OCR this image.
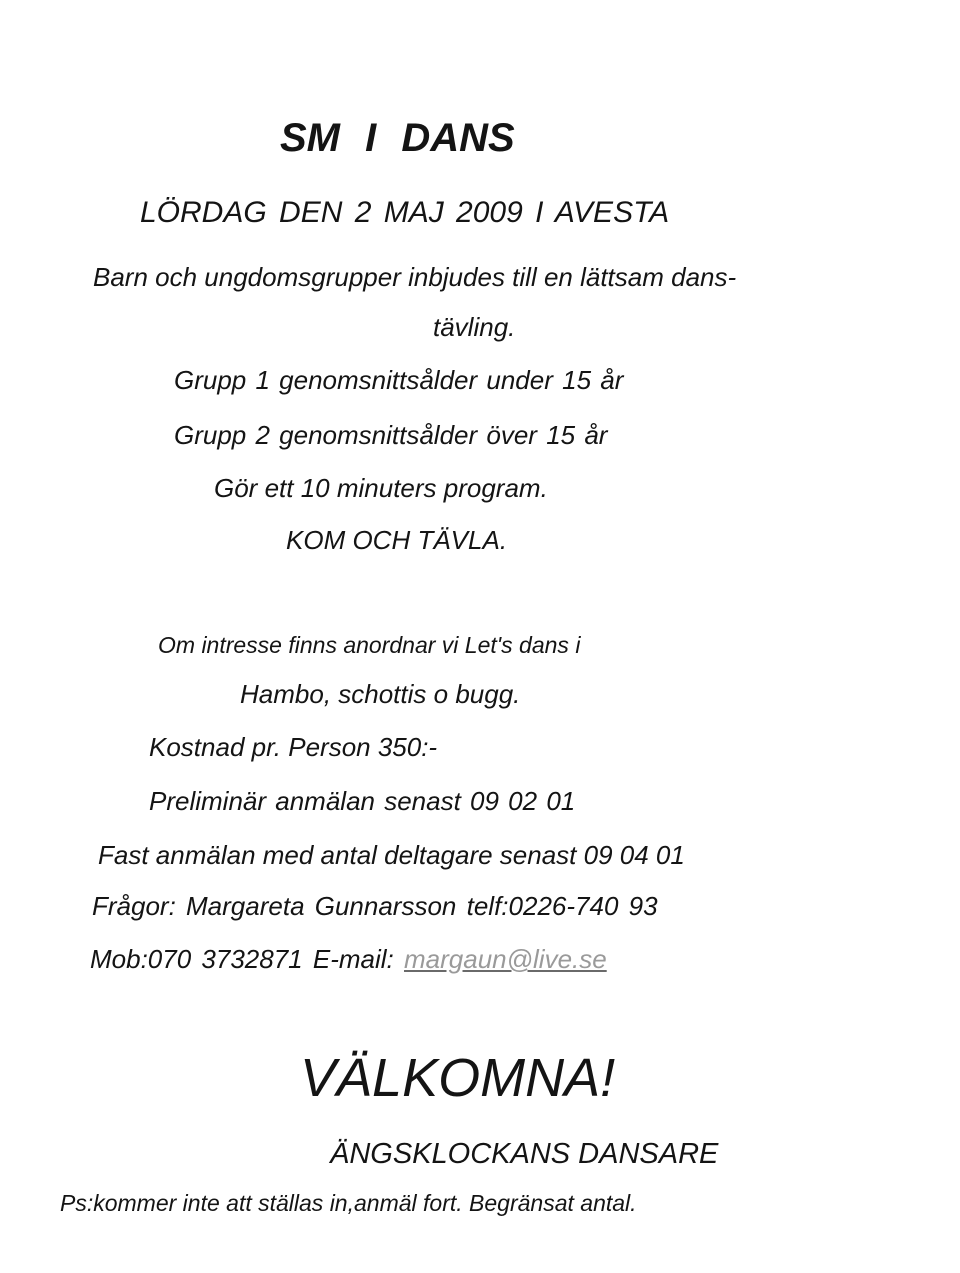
SM I DANS
LÖRDAG DEN 2 MAJ 2009 I AVESTA
Barn och ungdomsgrupper inbjudes till en lättsam dans-
tävling.
Grupp 1 genomsnittsålder under 15 år
Grupp 2 genomsnittsålder över 15 år
Gör ett 10 minuters program.
KOM OCH TÄVLA.
Om intresse finns anordnar vi Let's dans i
Hambo, schottis o bugg.
Kostnad pr. Person 350:-
Preliminär anmälan senast 09 02 01
Fast anmälan med antal deltagare senast 09 04 01
Frågor: Margareta Gunnarsson telf:0226-740 93
Mob:070 3732871 E-mail: margaun@live.se
VÄLKOMNA!
ÄNGSKLOCKANS DANSARE
Ps:kommer inte att ställas in,anmäl fort. Begränsat antal.
